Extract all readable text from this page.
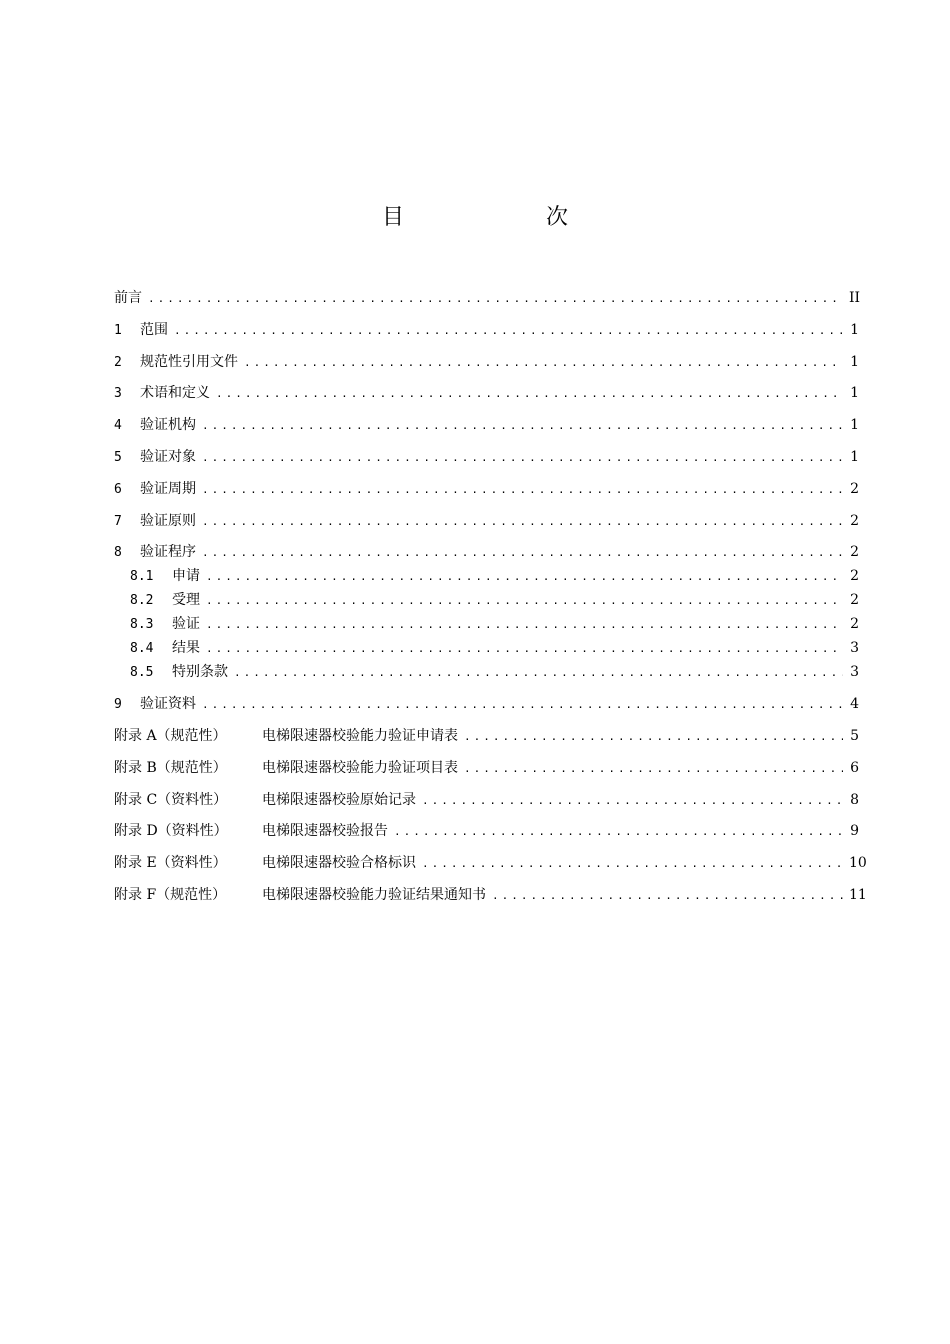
目　次
前言 .....	II
1	范围 .....	1
2	规范性引用文件 .....	1
3	术语和定义 .....	1
4	验证机构 .....	1
5	验证对象 .....	1
6	验证周期 .....	2
7	验证原则 .....	2
8	验证程序 .....	2
8.1	申请 .....	2
8.2	受理 .....	2
8.3	验证 .....	2
8.4	结果 .....	3
8.5	特别条款 .....	3
9	验证资料 .....	4
附录 A（规范性）	电梯限速器校验能力验证申请表 .....	5
附录 B（规范性）	电梯限速器校验能力验证项目表 .....	6
附录 C（资料性）	电梯限速器校验原始记录 .....	8
附录 D（资料性）	电梯限速器校验报告 .....	9
附录 E（资料性）	电梯限速器校验合格标识 .....	10
附录 F（规范性）	电梯限速器校验能力验证结果通知书 .....	11
